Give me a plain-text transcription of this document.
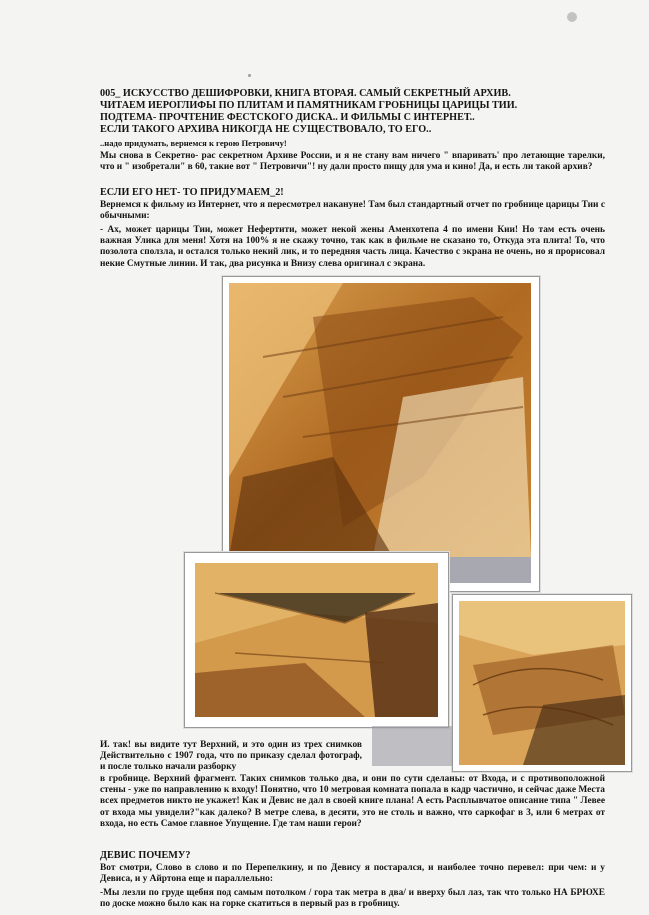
005_ ИСКУССТВО ДЕШИФРОВКИ, КНИГА ВТОРАЯ. САМЫЙ СЕКРЕТНЫЙ АРХИВ.

ЧИТАЕМ ИЕРОГЛИФЫ ПО ПЛИТАМ И ПАМЯТНИКАМ ГРОБНИЦЫ ЦАРИЦЫ ТИИ.

ПОДТЕМА- ПРОЧТЕНИЕ ФЕСТСКОГО ДИСКА.. И ФИЛЬМЫ С ИНТЕРНЕТ..

ЕСЛИ ТАКОГО АРХИВА НИКОГДА НЕ СУЩЕСТВОВАЛО, ТО ЕГО..

..надо придумать, вернемся к герою Петровичу!

Мы снова в Секретно- рас секретном Архиве России, и я не стану вам ничего " впаривать' про летающие тарелки, что и " изобретали" в 60, такие вот " Петровичи"! ну дали просто пищу для ума и кино! Да, и есть ли такой архив?

ЕСЛИ ЕГО НЕТ- ТО ПРИДУМАЕМ_2!

Вернемся к фильму из Интернет, что я пересмотрел накануне! Там был стандартный отчет по гробнице царицы Тии с обычными:

- Ах, может царицы Тии, может Нефертити, может некой жены Аменхотепа 4 по имени Кии! Но там есть очень важная Улика для меня! Хотя на 100% я не скажу точно, так как в фильме не сказано то, Откуда эта плита! То, что позолота сползла, и остался только некий лик, и то передняя часть лица. Качество с экрана не очень, но я прорисовал некие Смутные линии. И так, два рисунка и Внизу слева оригинал с экрана.

И. так! вы видите тут Верхний, и это один из трех снимков Действительно с 1907 года, что по приказу сделал фотограф, и после только начали разборку

в гробнице. Верхний фрагмент. Таких снимков только два, и они по сути сделаны: от Входа, и с противоположной стены - уже по направлению к входу! Понятно, что 10 метровая комната попала в кадр частично, и сейчас даже Места всех предметов никто не укажет! Как и Девис не дал в своей книге плана! А есть Расплывчатое описание типа " Левее от входа мы увидели?"как далеко? В метре слева, в десяти, это не столь и важно, что саркофаг в 3, или 6 метрах от входа, но есть Самое главное Упущение. Где там наши герои?

ДЕВИС ПОЧЕМУ?

Вот смотри, Слово в слово и по Перепелкину, и по Девису я постарался, и наиболее точно перевел: при чем: и у Девиса, и у Айртона еще и параллельно:

-Мы лезли по груде щебня под самым потолком / гора так метра в два/ и вверху был лаз, так что только НА БРЮХЕ по доске можно было как на горке скатиться в первый раз в гробницу.
